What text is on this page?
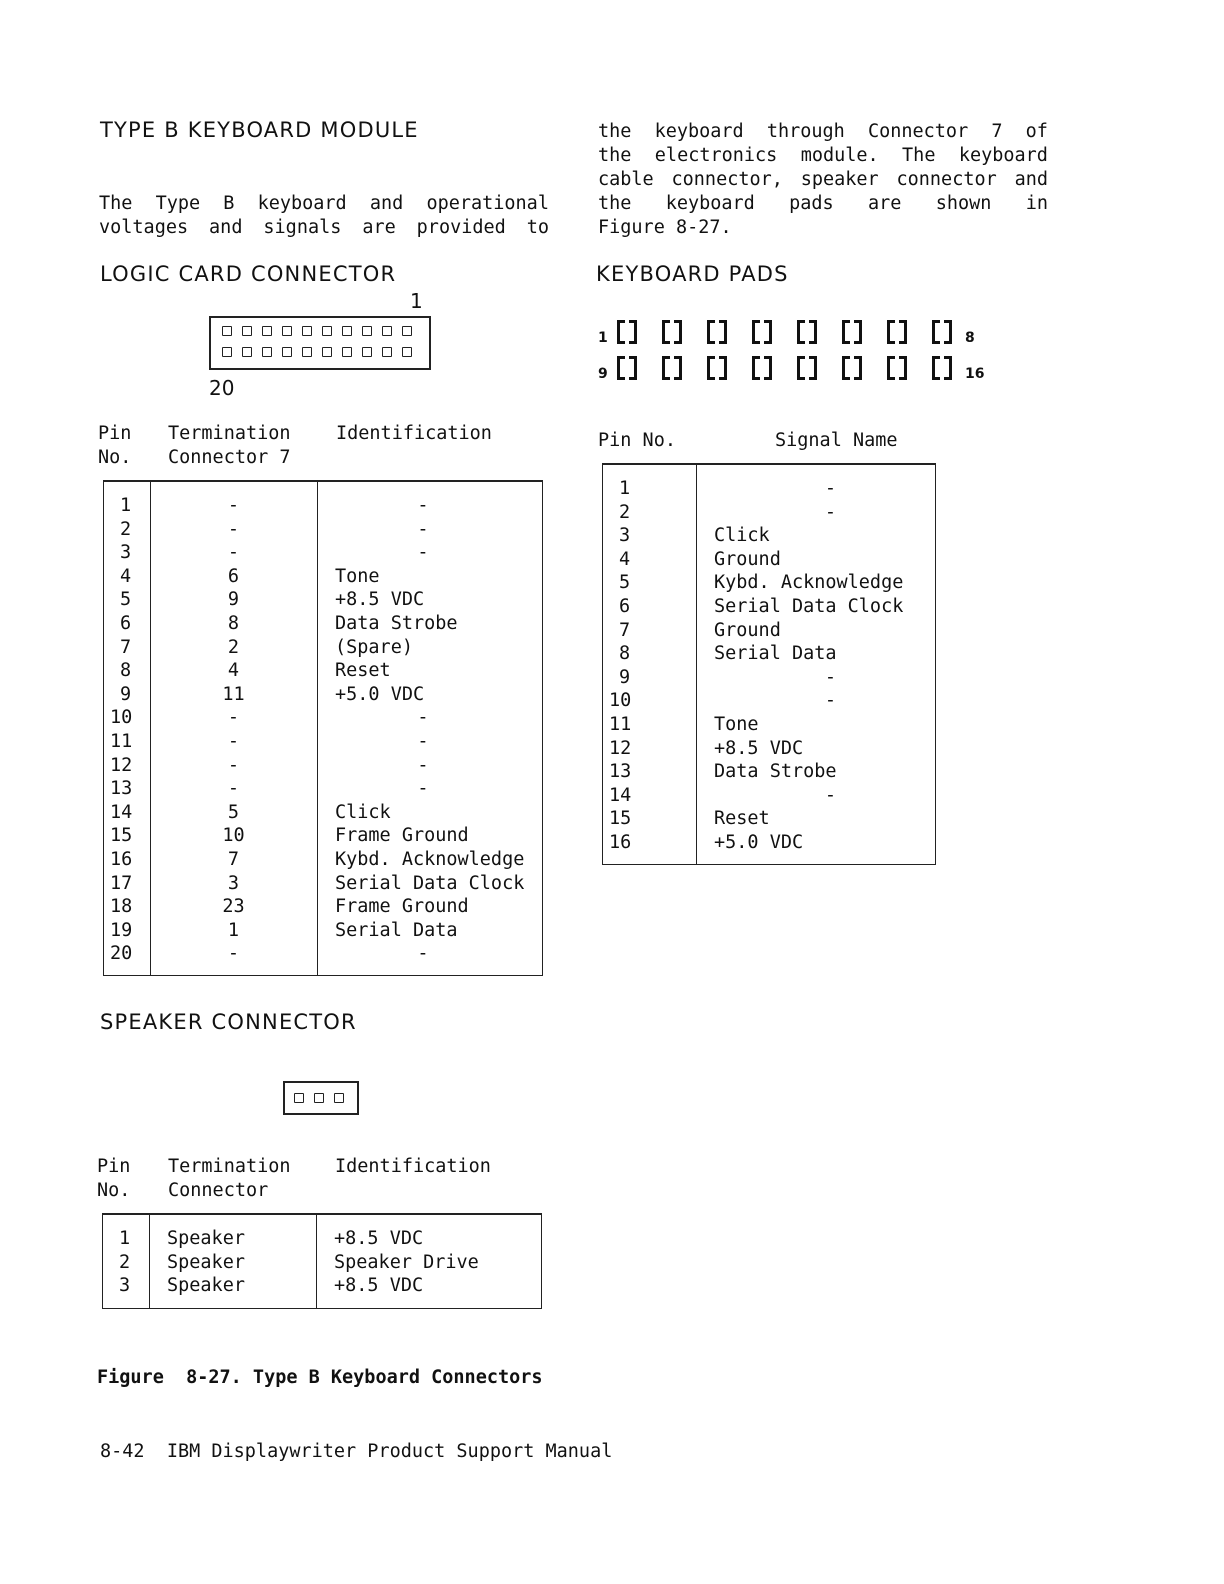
TYPE B KEYBOARD MODULE
The Type B keyboard and operational
voltages and signals are provided to
the keyboard through Connector 7 of
the electronics module. The keyboard
cable connector, speaker connector and
the keyboard pads are shown in
Figure 8-27.
LOGIC CARD CONNECTOR
1
20
Pin
No.
Termination
Connector 7
Identification
1	-	-
2	-	-
3	-	-
4	6	Tone
5	9	+8.5 VDC
6	8	Data Strobe
7	2	(Spare)
8	4	Reset
9	11	+5.0 VDC
10	-	-
11	-	-
12	-	-
13	-	-
14	5	Click
15	10	Frame Ground
16	7	Kybd. Acknowledge
17	3	Serial Data Clock
18	23	Frame Ground
19	1	Serial Data
20	-	-
KEYBOARD PADS
1	8
9	16
Pin No.	Signal Name
1	-
2	-
3	Click
4	Ground
5	Kybd. Acknowledge
6	Serial Data Clock
7	Ground
8	Serial Data
9	-
10	-
11	Tone
12	+8.5 VDC
13	Data Strobe
14	-
15	Reset
16	+5.0 VDC
SPEAKER CONNECTOR
Pin
No.
Termination
Connector
Identification
1 Speaker	+8.5 VDC
2 Speaker	Speaker Drive
3 Speaker	+8.5 VDC
Figure  8-27. Type B Keyboard Connectors
8-42  IBM Displaywriter Product Support Manual
